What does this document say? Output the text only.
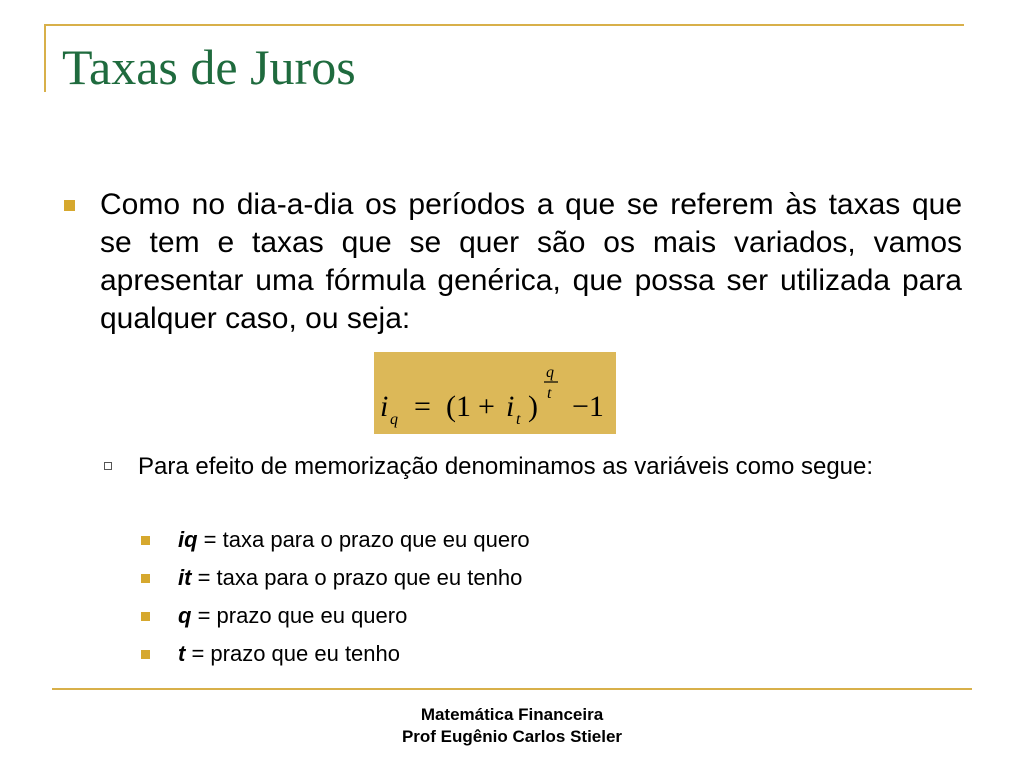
Taxas de Juros
Como no dia-a-dia os períodos a que se referem às taxas que se tem e taxas que se quer são os mais variados, vamos apresentar uma fórmula genérica, que possa ser utilizada para qualquer caso, ou seja:
i q = (1 + i t )
q
t −1
Para efeito de memorização denominamos as variáveis como segue:
iq = taxa para o prazo que eu quero
it = taxa para o prazo que eu tenho
q = prazo que eu quero
t = prazo que eu tenho
Matemática Financeira
Prof Eugênio Carlos Stieler
